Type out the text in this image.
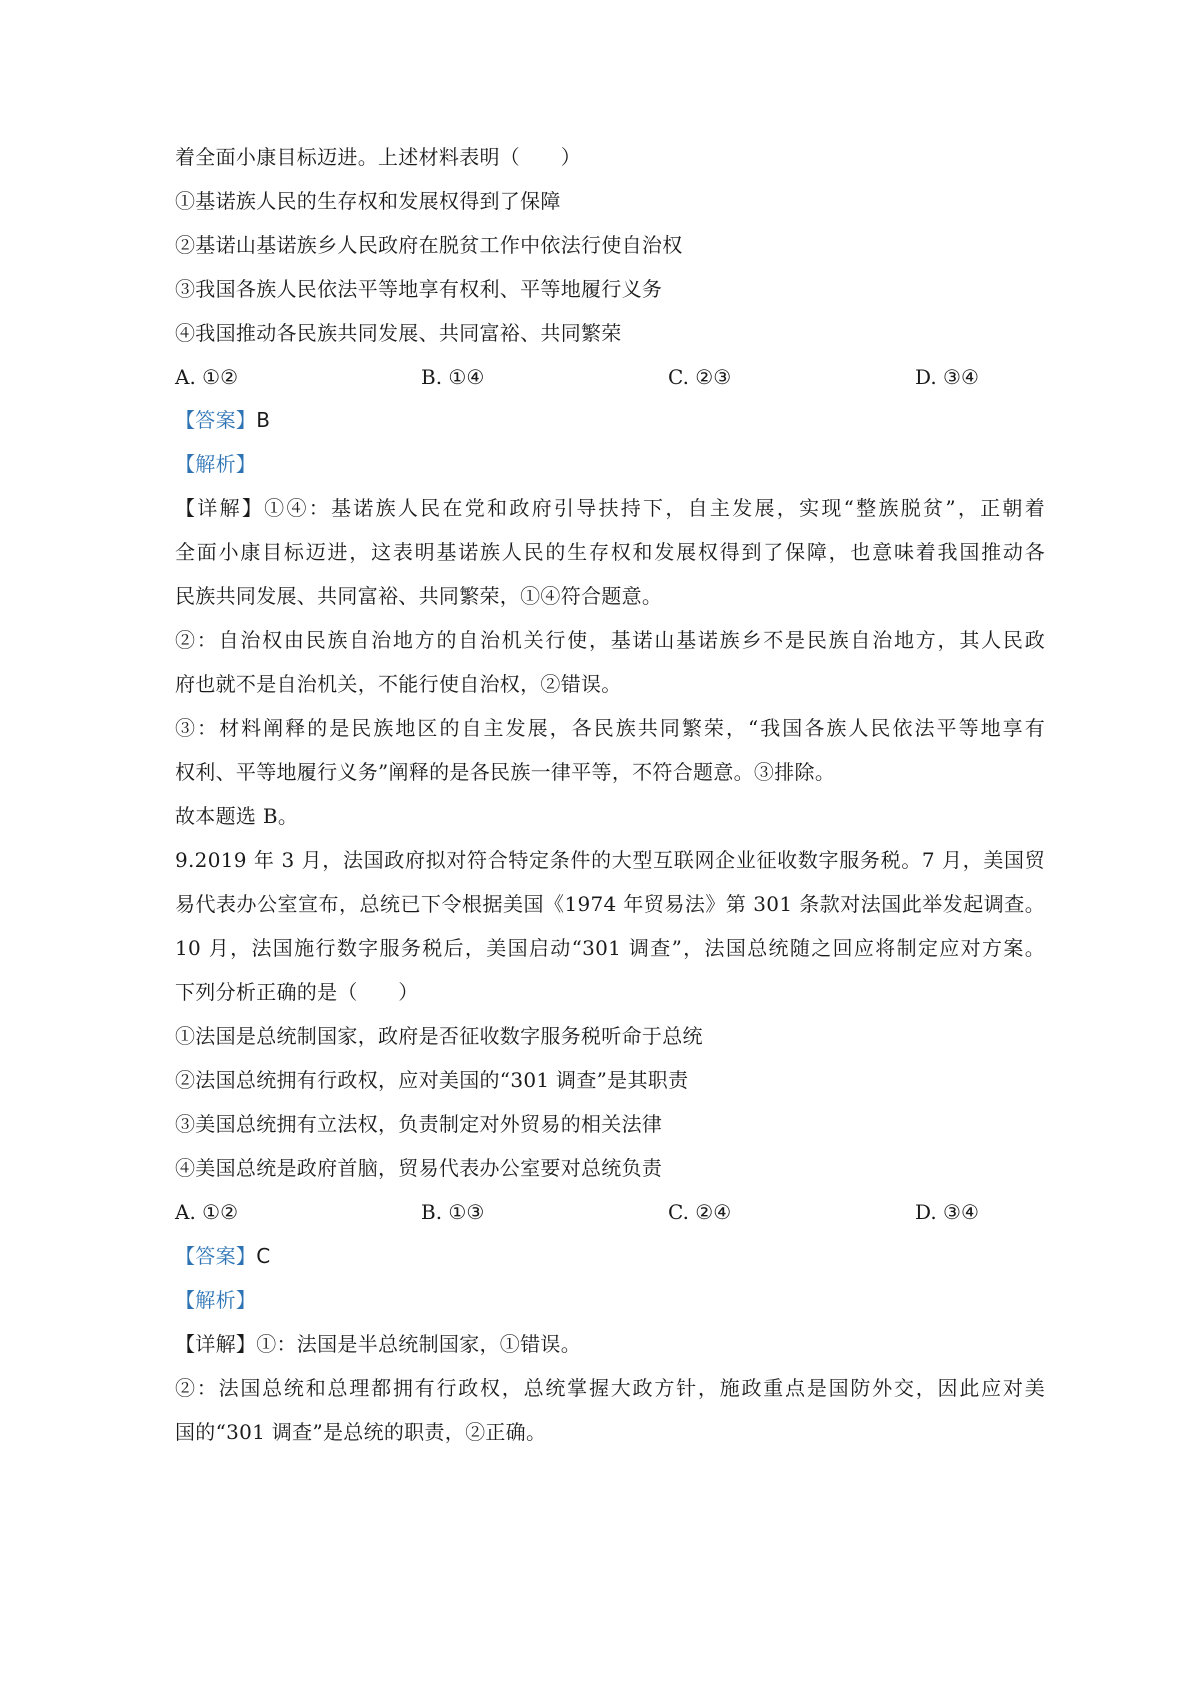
着全面小康目标迈进。上述材料表明（　　）
①基诺族人民的生存权和发展权得到了保障
②基诺山基诺族乡人民政府在脱贫工作中依法行使自治权
③我国各族人民依法平等地享有权利、平等地履行义务
④我国推动各民族共同发展、共同富裕、共同繁荣
A. ①②	B. ①④	C. ②③	D. ③④
【答案】B
【解析】
【详解】①④：基诺族人民在党和政府引导扶持下，自主发展，实现“整族脱贫”，正朝着
全面小康目标迈进，这表明基诺族人民的生存权和发展权得到了保障，也意味着我国推动各
民族共同发展、共同富裕、共同繁荣，①④符合题意。
②：自治权由民族自治地方的自治机关行使，基诺山基诺族乡不是民族自治地方，其人民政
府也就不是自治机关，不能行使自治权，②错误。
③：材料阐释的是民族地区的自主发展，各民族共同繁荣，“我国各族人民依法平等地享有
权利、平等地履行义务”阐释的是各民族一律平等，不符合题意。③排除。
故本题选 B。
9.2019 年 3 月，法国政府拟对符合特定条件的大型互联网企业征收数字服务税。7 月，美国贸
易代表办公室宣布，总统已下令根据美国《1974 年贸易法》第 301 条款对法国此举发起调查。
10 月，法国施行数字服务税后，美国启动“301 调查”，法国总统随之回应将制定应对方案。
下列分析正确的是（　　）
①法国是总统制国家，政府是否征收数字服务税听命于总统
②法国总统拥有行政权，应对美国的“301 调查”是其职责
③美国总统拥有立法权，负责制定对外贸易的相关法律
④美国总统是政府首脑，贸易代表办公室要对总统负责
A. ①②	B. ①③	C. ②④	D. ③④
【答案】C
【解析】
【详解】①：法国是半总统制国家，①错误。
②：法国总统和总理都拥有行政权，总统掌握大政方针，施政重点是国防外交，因此应对美
国的“301 调查”是总统的职责，②正确。
